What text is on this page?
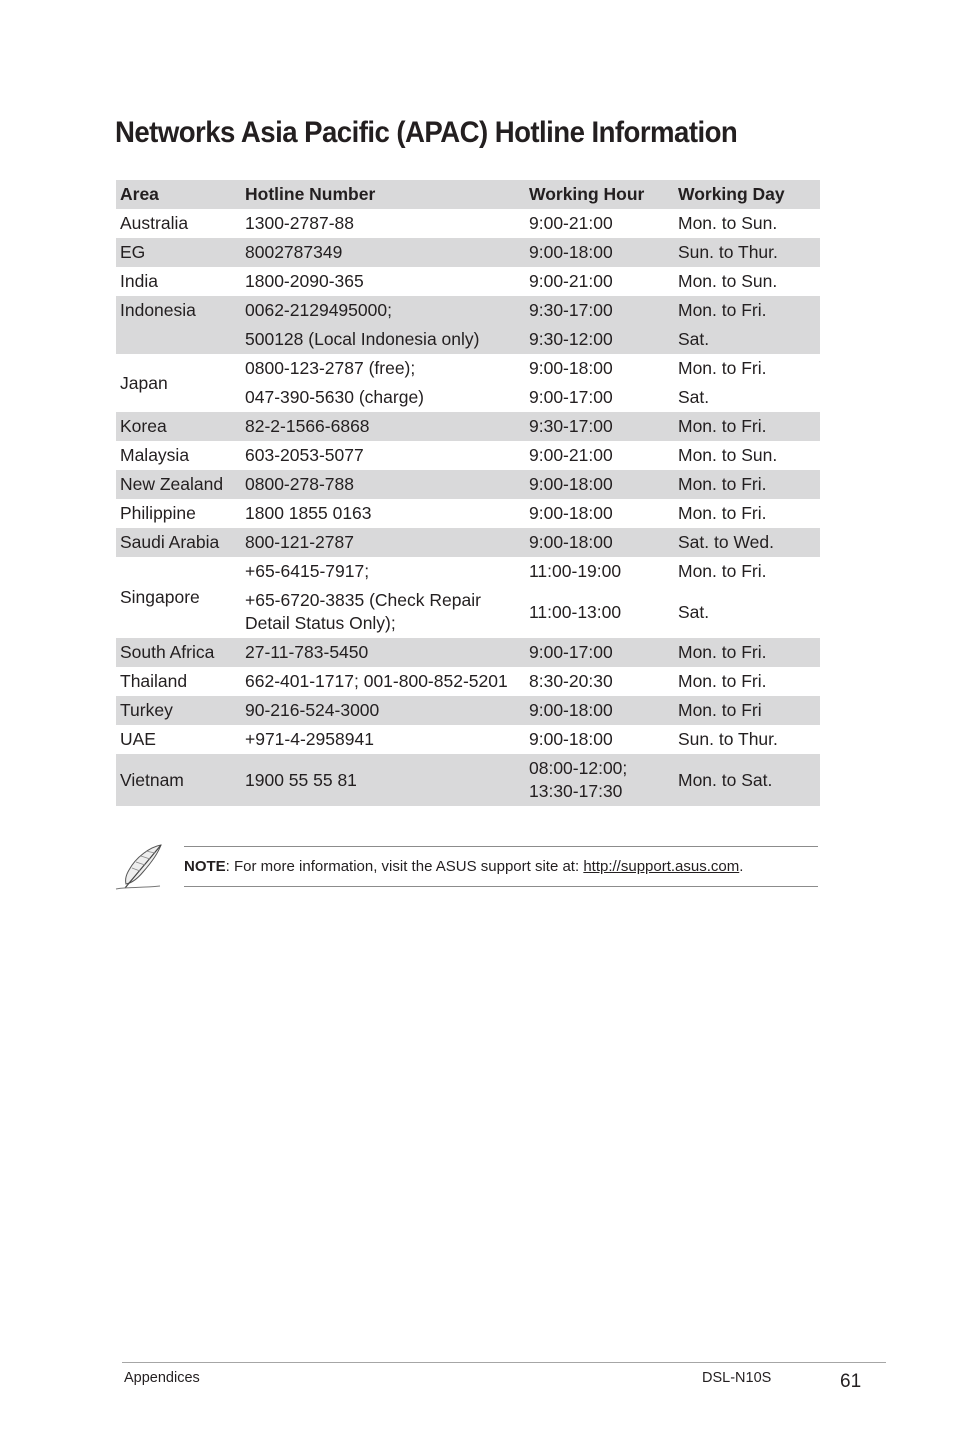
Networks Asia Pacific (APAC) Hotline Information
Area	Hotline Number	Working Hour	Working Day
Australia	1300-2787-88	9:00-21:00	Mon. to Sun.
EG	8002787349	9:00-18:00	Sun. to Thur.
India	1800-2090-365	9:00-21:00	Mon. to Sun.
Indonesia	0062-2129495000;	9:30-17:00	Mon. to Fri.
	500128 (Local Indonesia only)	9:30-12:00	Sat.
Japan	0800-123-2787 (free);	9:00-18:00	Mon. to Fri.
	047-390-5630 (charge)	9:00-17:00	Sat.
Korea	82-2-1566-6868	9:30-17:00	Mon. to Fri.
Malaysia	603-2053-5077	9:00-21:00	Mon. to Sun.
New Zealand	0800-278-788	9:00-18:00	Mon. to Fri.
Philippine	1800 1855 0163	9:00-18:00	Mon. to Fri.
Saudi Arabia	800-121-2787	9:00-18:00	Sat. to Wed.
Singapore	+65-6415-7917;	11:00-19:00	Mon. to Fri.
	+65-6720-3835 (Check Repair Detail Status Only);	11:00-13:00	Sat.
South Africa	27-11-783-5450	9:00-17:00	Mon. to Fri.
Thailand	662-401-1717; 001-800-852-5201	8:30-20:30	Mon. to Fri.
Turkey	90-216-524-3000	9:00-18:00	Mon. to Fri
UAE	+971-4-2958941	9:00-18:00	Sun. to Thur.
Vietnam	1900 55 55 81	08:00-12:00; 13:30-17:30	Mon. to Sat.
NOTE: For more information, visit the ASUS support site at: http://support.asus.com.
Appendices	DSL-N10S	61
